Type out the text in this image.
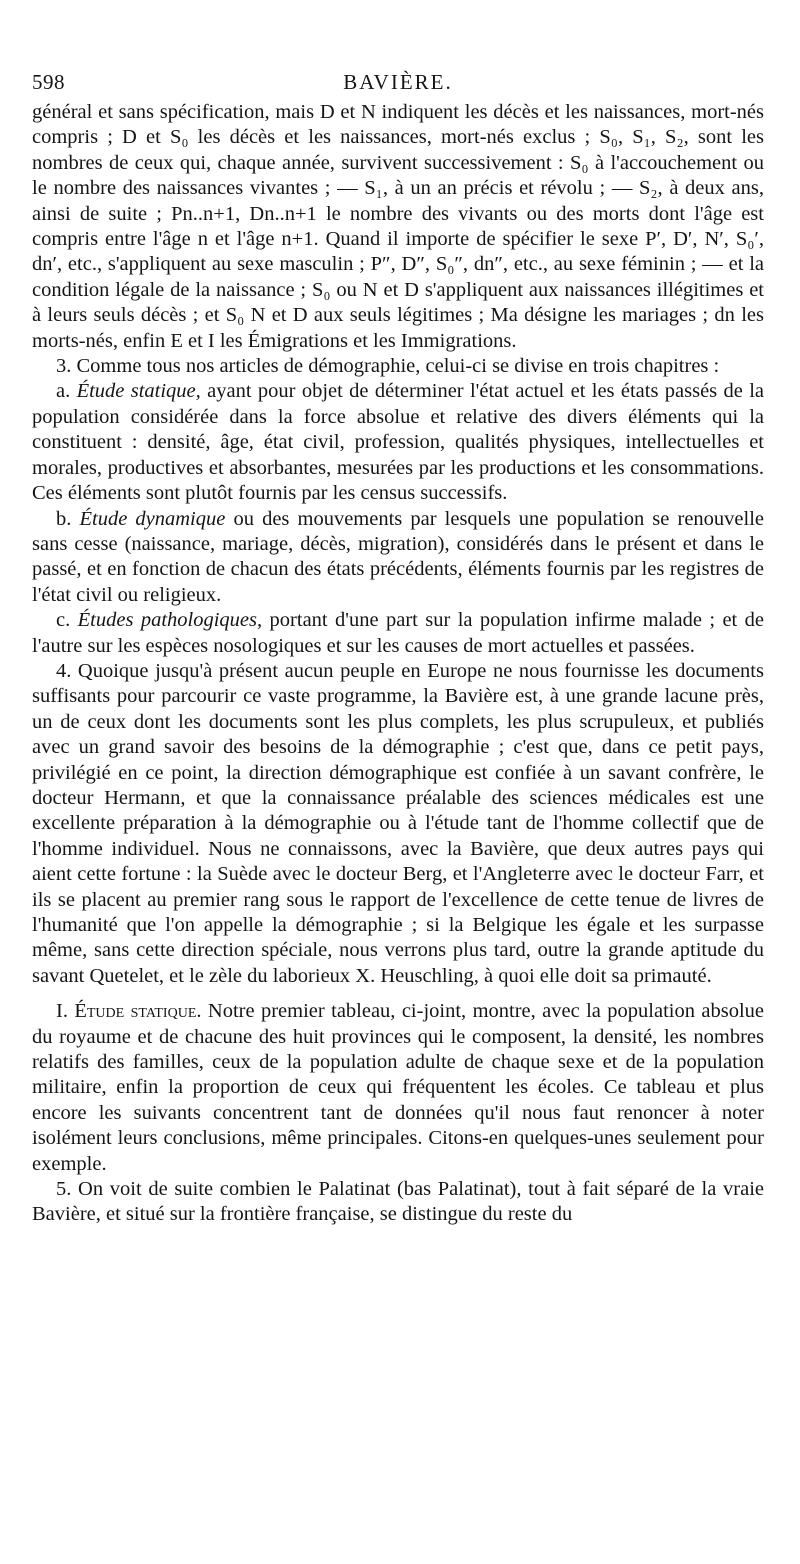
598	BAVIÈRE.

général et sans spécification, mais D et N indiquent les décès et les naissances, mort-nés compris ; D et S₀ les décès et les naissances, mort-nés exclus ; S₀, S₁, S₂, sont les nombres de ceux qui, chaque année, survivent successivement : S₀ à l'accouchement ou le nombre des naissances vivantes ; — S₁, à un an précis et révolu ; — S₂, à deux ans, ainsi de suite ; Pn..n+1, Dn..n+1 le nombre des vivants ou des morts dont l'âge est compris entre l'âge n et l'âge n+1. Quand il importe de spécifier le sexe P′, D′, N′, S₀′, dn′, etc., s'appliquent au sexe masculin ; P″, D″, S₀″, dn″, etc., au sexe féminin ; — et la condition légale de la naissance ; S₀ ou N et D s'appliquent aux naissances illégitimes et à leurs seuls décès ; et S₀ N et D aux seuls légitimes ; Ma désigne les mariages ; dn les morts-nés, enfin E et I les Émigrations et les Immigrations.

3. Comme tous nos articles de démographie, celui-ci se divise en trois chapitres :

a. Étude statique, ayant pour objet de déterminer l'état actuel et les états passés de la population considérée dans la force absolue et relative des divers éléments qui la constituent : densité, âge, état civil, profession, qualités physiques, intellectuelles et morales, productives et absorbantes, mesurées par les productions et les consommations. Ces éléments sont plutôt fournis par les census successifs.

b. Étude dynamique ou des mouvements par lesquels une population se renouvelle sans cesse (naissance, mariage, décès, migration), considérés dans le présent et dans le passé, et en fonction de chacun des états précédents, éléments fournis par les registres de l'état civil ou religieux.

c. Études pathologiques, portant d'une part sur la population infirme malade ; et de l'autre sur les espèces nosologiques et sur les causes de mort actuelles et passées.

4. Quoique jusqu'à présent aucun peuple en Europe ne nous fournisse les documents suffisants pour parcourir ce vaste programme, la Bavière est, à une grande lacune près, un de ceux dont les documents sont les plus complets, les plus scrupuleux, et publiés avec un grand savoir des besoins de la démographie ; c'est que, dans ce petit pays, privilégié en ce point, la direction démographique est confiée à un savant confrère, le docteur Hermann, et que la connaissance préalable des sciences médicales est une excellente préparation à la démographie ou à l'étude tant de l'homme collectif que de l'homme individuel. Nous ne connaissons, avec la Bavière, que deux autres pays qui aient cette fortune : la Suède avec le docteur Berg, et l'Angleterre avec le docteur Farr, et ils se placent au premier rang sous le rapport de l'excellence de cette tenue de livres de l'humanité que l'on appelle la démographie ; si la Belgique les égale et les surpasse même, sans cette direction spéciale, nous verrons plus tard, outre la grande aptitude du savant Quetelet, et le zèle du laborieux X. Heuschling, à quoi elle doit sa primauté.

I. Étude statique. Notre premier tableau, ci-joint, montre, avec la population absolue du royaume et de chacune des huit provinces qui le composent, la densité, les nombres relatifs des familles, ceux de la population adulte de chaque sexe et de la population militaire, enfin la proportion de ceux qui fréquentent les écoles. Ce tableau et plus encore les suivants concentrent tant de données qu'il nous faut renoncer à noter isolément leurs conclusions, même principales. Citons-en quelques-unes seulement pour exemple.

5. On voit de suite combien le Palatinat (bas Palatinat), tout à fait séparé de la vraie Bavière, et situé sur la frontière française, se distingue du reste du
